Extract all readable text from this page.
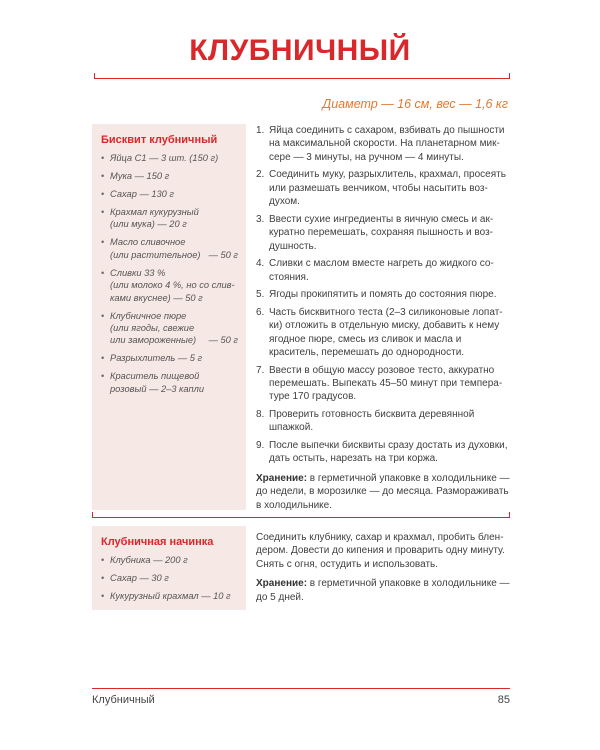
КЛУБНИЧНЫЙ
Диаметр — 16 см, вес — 1,6 кг
Бисквит клубничный
• Яйца С1 — 3 шт. (150 г)
• Мука — 150 г
• Сахар — 130 г
• Крахмал кукурузный
(или мука) — 20 г
• Масло сливочное
(или растительное) — 50 г
• Сливки 33 %
(или молоко 4 %, но со слив-
ками вкуснее) — 50 г
• Клубничное пюре
(или ягоды, свежие
или замороженные) — 50 г
• Разрыхлитель — 5 г
• Краситель пищевой
розовый — 2–3 капли
1. Яйца соединить с сахаром, взбивать до пышности на максимальной скорости. На планетарном миксере — 3 минуты, на ручном — 4 минуты.
2. Соединить муку, разрыхлитель, крахмал, просеять или размешать венчиком, чтобы насытить воздухом.
3. Ввести сухие ингредиенты в яичную смесь и аккуратно перемешать, сохраняя пышность и воздушность.
4. Сливки с маслом вместе нагреть до жидкого состояния.
5. Ягоды прокипятить и помять до состояния пюре.
6. Часть бисквитного теста (2–3 силиконовые лопатки) отложить в отдельную миску, добавить к нему ягодное пюре, смесь из сливок и масла и краситель, перемешать до однородности.
7. Ввести в общую массу розовое тесто, аккуратно перемешать. Выпекать 45–50 минут при температуре 170 градусов.
8. Проверить готовность бисквита деревянной шпажкой.
9. После выпечки бисквиты сразу достать из духовки, дать остыть, нарезать на три коржа.
Хранение: в герметичной упаковке в холодильнике — до недели, в морозилке — до месяца. Размораживать в холодильнике.
Клубничная начинка
• Клубника — 200 г
• Сахар — 30 г
• Кукурузный крахмал — 10 г

Соединить клубнику, сахар и крахмал, пробить блендером. Довести до кипения и проварить одну минуту. Снять с огня, остудить и использовать.

Хранение: в герметичной упаковке в холодильнике — до 5 дней.
Клубничный	85
